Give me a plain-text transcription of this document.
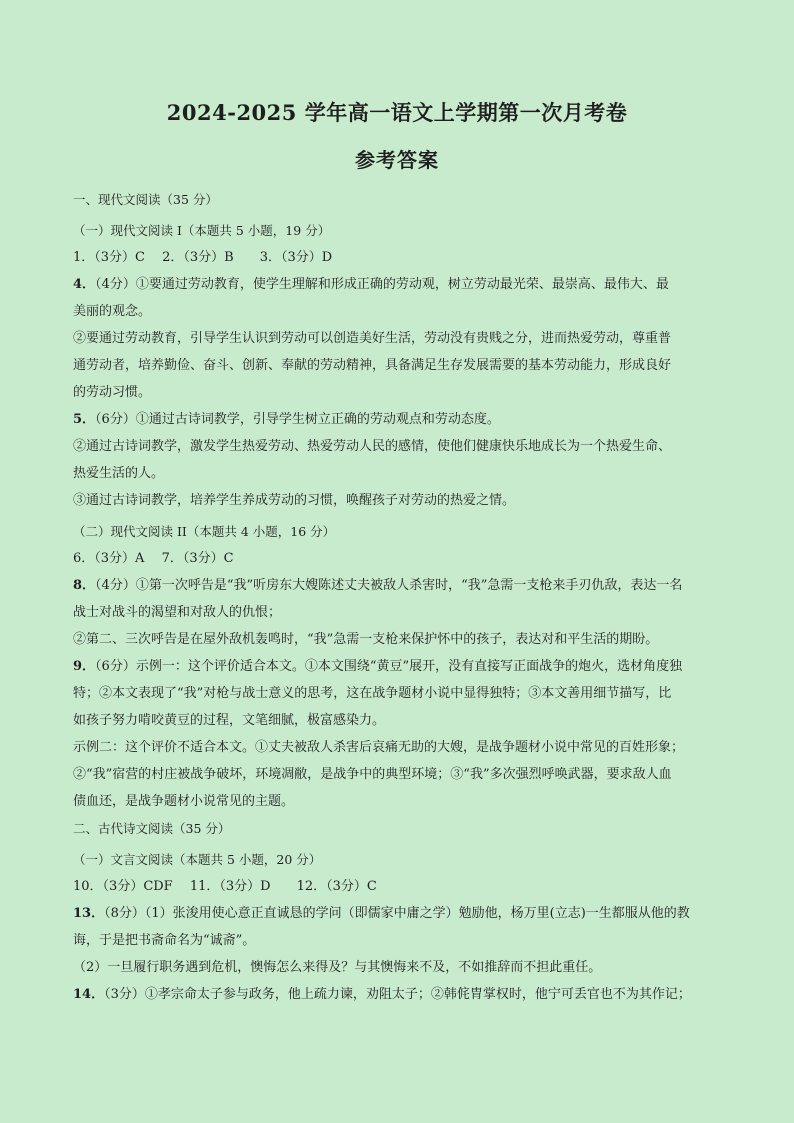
2024-2025 学年高一语文上学期第一次月考卷
参考答案

一、现代文阅读（35 分）

（一）现代文阅读 I（本题共 5 小题，19 分）

1．（3分）C　 2．（3分）B　　3．（3分）D

4．（4分）①要通过劳动教育，使学生理解和形成正确的劳动观，树立劳动最光荣、最崇高、最伟大、最

美丽的观念。

②要通过劳动教育，引导学生认识到劳动可以创造美好生活，劳动没有贵贱之分，进而热爱劳动，尊重普

通劳动者，培养勤俭、奋斗、创新、奉献的劳动精神，具备满足生存发展需要的基本劳动能力，形成良好

的劳动习惯。

5．（6分）①通过古诗词教学，引导学生树立正确的劳动观点和劳动态度。

②通过古诗词教学，激发学生热爱劳动、热爱劳动人民的感情，使他们健康快乐地成长为一个热爱生命、

热爱生活的人。

③通过古诗词教学，培养学生养成劳动的习惯，唤醒孩子对劳动的热爱之情。

（二）现代文阅读 II（本题共 4 小题，16 分）

6．（3分）A　 7．（3分）C

8．（4分）①第一次呼告是“我”听房东大嫂陈述丈夫被敌人杀害时，“我”急需一支枪来手刃仇敌，表达一名

战士对战斗的渴望和对敌人的仇恨；

②第二、三次呼告是在屋外敌机轰鸣时，“我”急需一支枪来保护怀中的孩子，表达对和平生活的期盼。

9．（6分）示例一：这个评价适合本文。①本文围绕“黄豆”展开，没有直接写正面战争的炮火，选材角度独

特；②本文表现了“我”对枪与战士意义的思考，这在战争题材小说中显得独特；③本文善用细节描写，比

如孩子努力啃咬黄豆的过程，文笔细腻，极富感染力。

示例二：这个评价不适合本文。①丈夫被敌人杀害后哀痛无助的大嫂，是战争题材小说中常见的百姓形象；

②“我”宿营的村庄被战争破坏，环境凋敝，是战争中的典型环境；③“我”多次强烈呼唤武器，要求敌人血

债血还，是战争题材小说常见的主题。

二、古代诗文阅读（35 分）

（一）文言文阅读（本题共 5 小题，20 分）

10．（3分）CDF　 11．（3分）D　　12．（3分）C

13．（8分）（1）张浚用使心意正直诚恳的学问（即儒家中庸之学）勉励他，杨万里(立志)一生都服从他的教

诲，于是把书斋命名为“诚斋”。

（2）一旦履行职务遇到危机，懊悔怎么来得及？与其懊悔来不及，不如推辞而不担此重任。

14．（3分）①孝宗命太子参与政务，他上疏力谏，劝阻太子；②韩侂胄掌权时，他宁可丢官也不为其作记；
